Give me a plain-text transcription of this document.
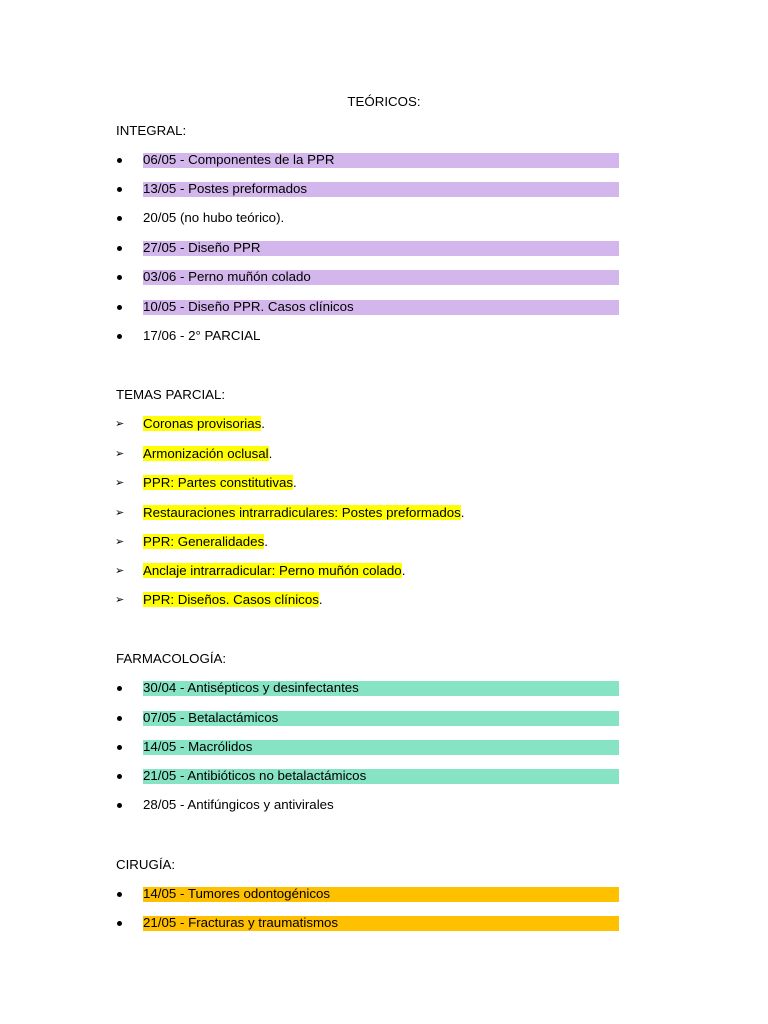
TEÓRICOS:
INTEGRAL:
06/05 - Componentes de la PPR
13/05 - Postes preformados
20/05 (no hubo teórico).
27/05 - Diseño PPR
03/06 - Perno muñón colado
10/05 - Diseño PPR. Casos clínicos
17/06 - 2° PARCIAL
TEMAS PARCIAL:
Coronas provisorias.
Armonización oclusal.
PPR: Partes constitutivas.
Restauraciones intrarradiculares: Postes preformados.
PPR: Generalidades.
Anclaje intrarradicular: Perno muñón colado.
PPR: Diseños. Casos clínicos.
FARMACOLOGÍA:
30/04 - Antisépticos y desinfectantes
07/05 - Betalactámicos
14/05 - Macrólidos
21/05 - Antibióticos no betalactámicos
28/05 - Antifúngicos y antivirales
CIRUGÍA:
14/05 - Tumores odontogénicos
21/05 - Fracturas y traumatismos
